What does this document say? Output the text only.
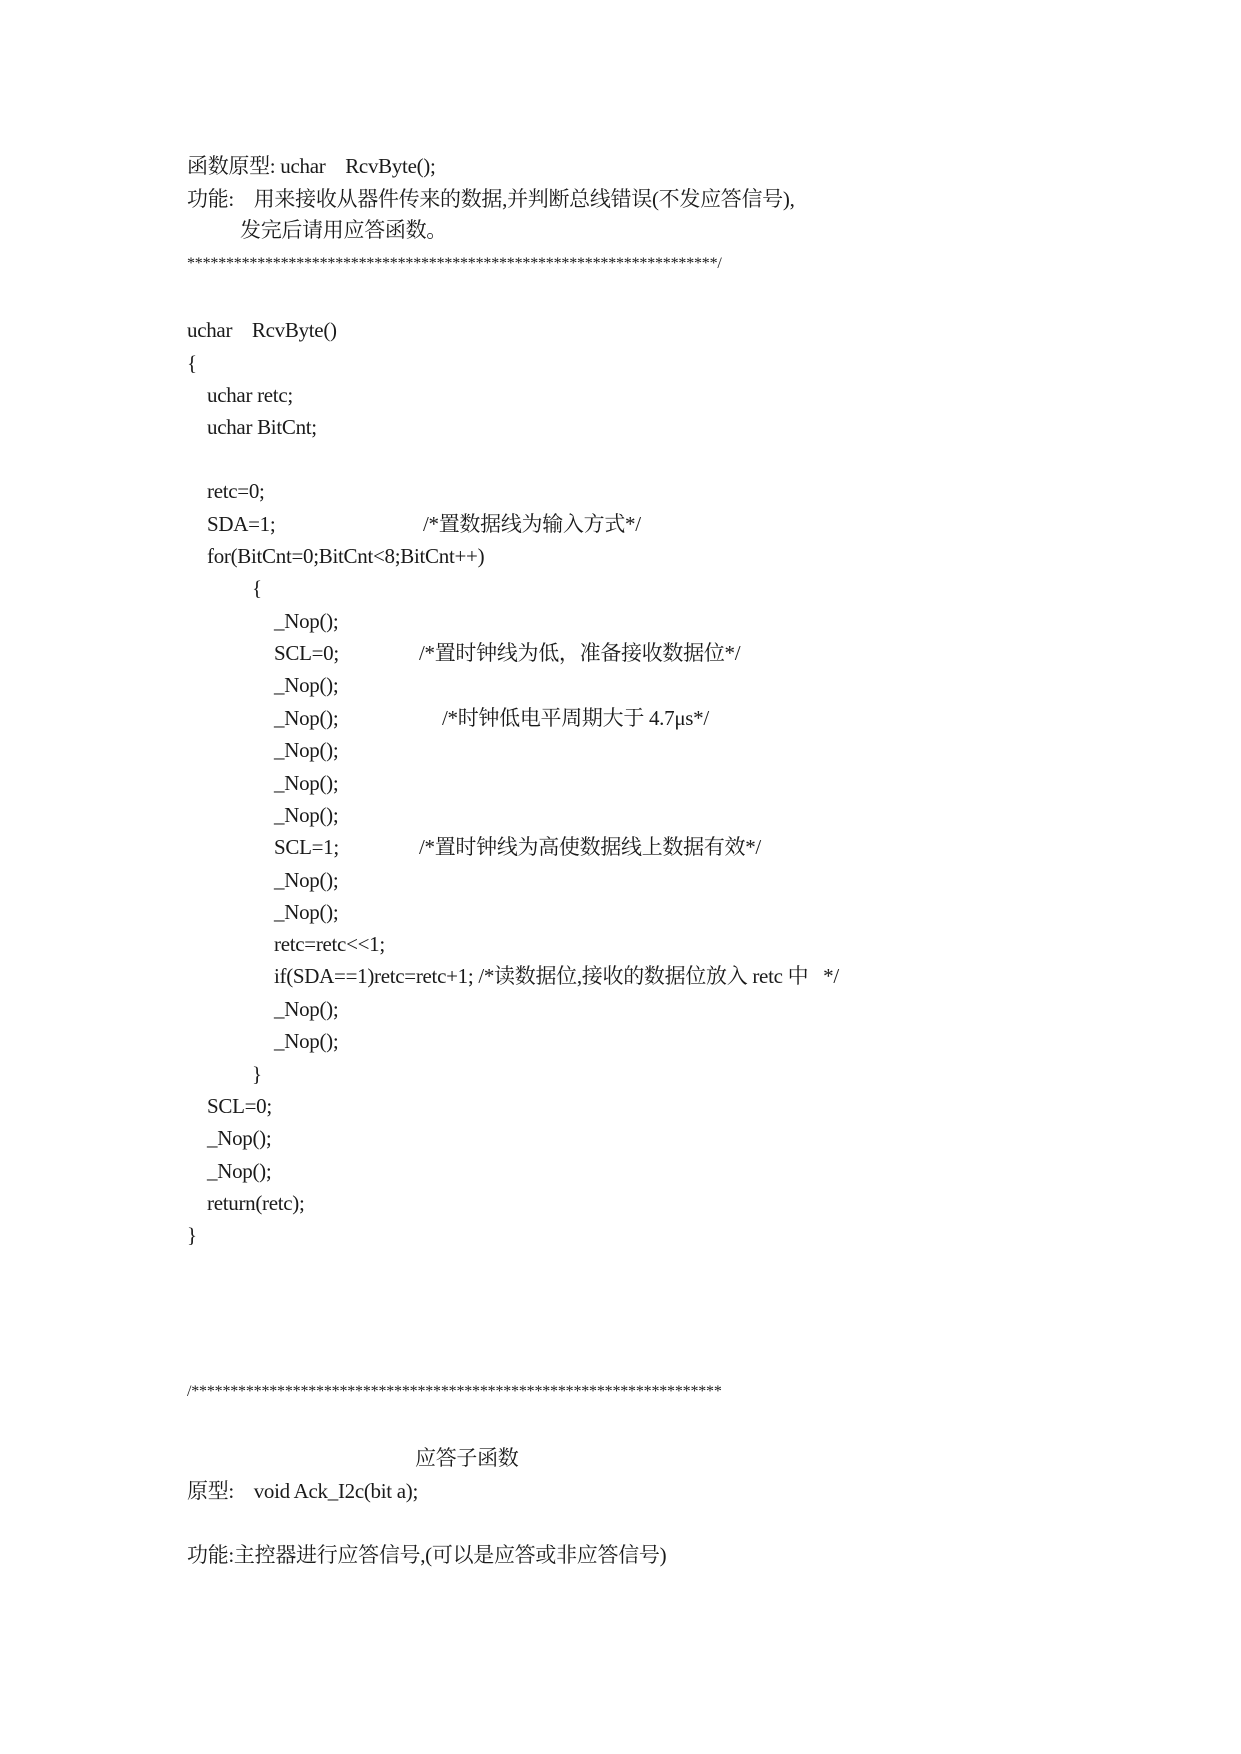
函数原型: uchar    RcvByte();
功能:    用来接收从器件传来的数据,并判断总线错误(不发应答信号),
发完后请用应答函数。
********************************************************************/
uchar    RcvByte()
{
uchar retc;
uchar BitCnt;
retc=0;
SDA=1;	/*置数据线为输入方式*/
for(BitCnt=0;BitCnt<8;BitCnt++)
{
_Nop();
SCL=0;	/*置时钟线为低，准备接收数据位*/
_Nop();
_Nop();	/*时钟低电平周期大于 4.7μs*/
_Nop();
_Nop();
_Nop();
SCL=1;	/*置时钟线为高使数据线上数据有效*/
_Nop();
_Nop();
retc=retc<<1;
if(SDA==1)retc=retc+1; /*读数据位,接收的数据位放入 retc 中   */
_Nop();
_Nop();
}
SCL=0;
_Nop();
_Nop();
return(retc);
}
/********************************************************************
应答子函数
原型:    void Ack_I2c(bit a);
功能:主控器进行应答信号,(可以是应答或非应答信号)
